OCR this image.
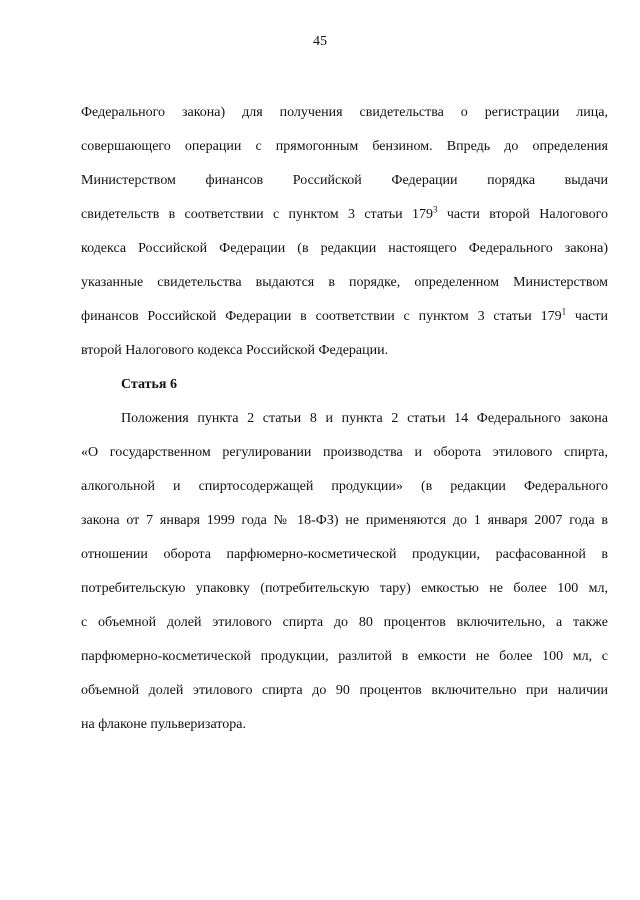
45
Федерального закона) для получения свидетельства о регистрации лица,
совершающего операции с прямогонным бензином. Впредь до определения
Министерством финансов Российской Федерации порядка выдачи
свидетельств в соответствии с пунктом 3 статьи $179^3$ части второй Налогового
кодекса Российской Федерации (в редакции настоящего Федерального закона)
указанные свидетельства выдаются в порядке, определенном Министерством
финансов Российской Федерации в соответствии с пунктом 3 статьи $179^1$ части
второй Налогового кодекса Российской Федерации.
Статья 6
Положения пункта 2 статьи 8 и пункта 2 статьи 14 Федерального закона
«О государственном регулировании производства и оборота этилового спирта,
алкогольной и спиртосодержащей продукции» (в редакции Федерального
закона от 7 января 1999 года № 18-ФЗ) не применяются до 1 января 2007 года в
отношении оборота парфюмерно-косметической продукции, расфасованной в
потребительскую упаковку (потребительскую тару) емкостью не более 100 мл,
с объемной долей этилового спирта до 80 процентов включительно, а также
парфюмерно-косметической продукции, разлитой в емкости не более 100 мл, с
объемной долей этилового спирта до 90 процентов включительно при наличии
на флаконе пульверизатора.
